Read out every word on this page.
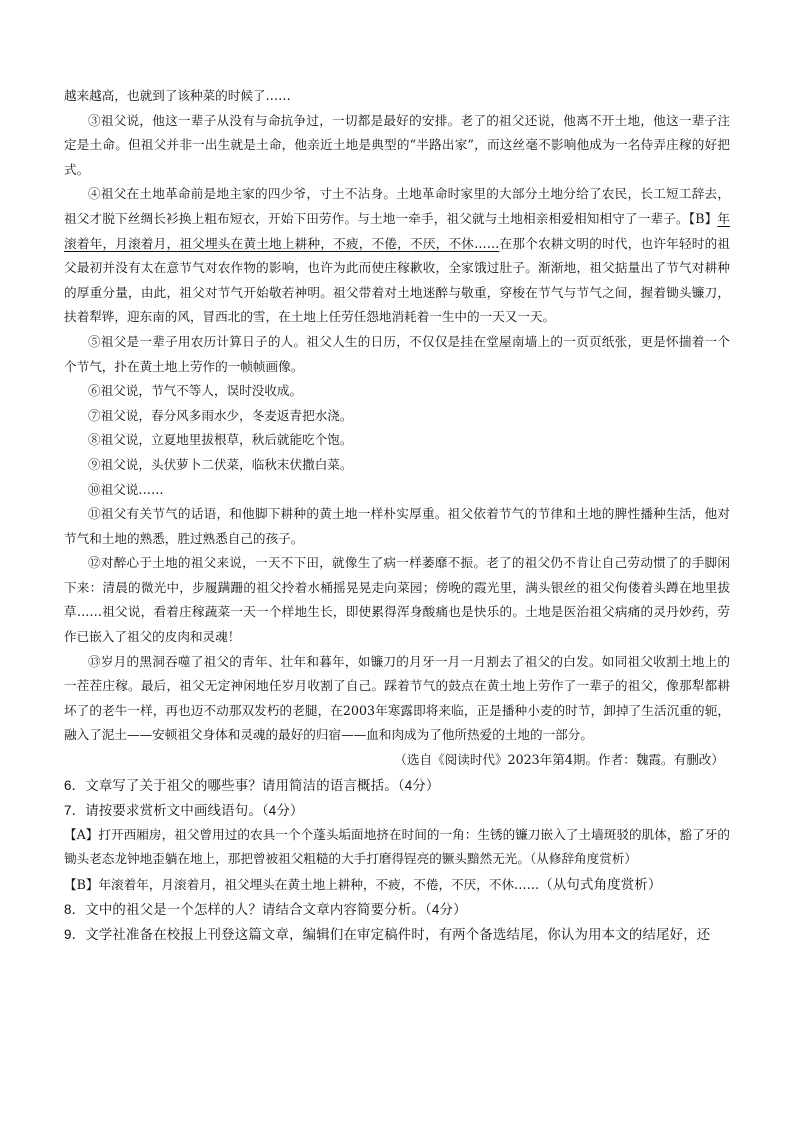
越来越高，也就到了该种菜的时候了……

③祖父说，他这一辈子从没有与命抗争过，一切都是最好的安排。老了的祖父还说，他离不开土地，他这一辈子注定是土命。但祖父并非一出生就是土命，他亲近土地是典型的“半路出家”，而这丝毫不影响他成为一名侍弄庄稼的好把式。

④祖父在土地革命前是地主家的四少爷，寸土不沾身。土地革命时家里的大部分土地分给了农民，长工短工辞去，祖父才脱下丝绸长衫换上粗布短衣，开始下田劳作。与土地一牵手，祖父就与土地相亲相爱相知相守了一辈子。【B】年滚着年，月滚着月，祖父埋头在黄土地上耕种，不疲，不倦，不厌，不休……在那个农耕文明的时代，也许年轻时的祖父最初并没有太在意节气对农作物的影响，也许为此而使庄稼歉收，全家饿过肚子。渐渐地，祖父掂量出了节气对耕种的厚重分量，由此，祖父对节气开始敬若神明。祖父带着对土地迷醉与敬重，穿梭在节气与节气之间，握着锄头镰刀，扶着犁铧，迎东南的风，冒西北的雪，在土地上任劳任怨地消耗着一生中的一天又一天。

⑤祖父是一辈子用农历计算日子的人。祖父人生的日历，不仅仅是挂在堂屋南墙上的一页页纸张，更是怀揣着一个个节气，扑在黄土地上劳作的一帧帧画像。

⑥祖父说，节气不等人，误时没收成。

⑦祖父说，春分风多雨水少，冬麦返青把水浇。

⑧祖父说，立夏地里拔根草，秋后就能吃个饱。

⑨祖父说，头伏萝卜二伏菜，临秋末伏撒白菜。

⑩祖父说……

⑪祖父有关节气的话语，和他脚下耕种的黄土地一样朴实厚重。祖父依着节气的节律和土地的脾性播种生活，他对节气和土地的熟悉，胜过熟悉自己的孩子。

⑫对醉心于土地的祖父来说，一天不下田，就像生了病一样萎靡不振。老了的祖父仍不肯让自己劳动惯了的手脚闲下来：清晨的微光中，步履蹒跚的祖父拎着水桶摇晃晃走向菜园；傍晚的霞光里，满头银丝的祖父佝偻着头蹲在地里拔草……祖父说，看着庄稼蔬菜一天一个样地生长，即使累得浑身酸痛也是快乐的。土地是医治祖父病痛的灵丹妙药，劳作已嵌入了祖父的皮肉和灵魂！

⑬岁月的黑洞吞噬了祖父的青年、壮年和暮年，如镰刀的月牙一月一月割去了祖父的白发。如同祖父收割土地上的一茬茬庄稼。最后，祖父无定神闲地任岁月收割了自己。踩着节气的鼓点在黄土地上劳作了一辈子的祖父，像那犁都耕坏了的老牛一样，再也迈不动那双发朽的老腿，在2003年寒露即将来临，正是播种小麦的时节，卸掉了生活沉重的轭，融入了泥土——安顿祖父身体和灵魂的最好的归宿——血和肉成为了他所热爱的土地的一部分。

（选自《阅读时代》2023年第4期。作者：魏霞。有删改）

6．文章写了关于祖父的哪些事？请用简洁的语言概括。（4分）

7．请按要求赏析文中画线语句。（4分）

【A】打开西厢房，祖父曾用过的农具一个个蓬头垢面地挤在时间的一角：生锈的镰刀嵌入了土墙斑驳的肌体，豁了牙的锄头老态龙钟地歪躺在地上，那把曾被祖父粗糙的大手打磨得锃亮的镢头黯然无光。（从修辞角度赏析）

【B】年滚着年，月滚着月，祖父埋头在黄土地上耕种，不疲，不倦，不厌，不休……（从句式角度赏析）

8．文中的祖父是一个怎样的人？请结合文章内容简要分析。（4分）

9．文学社准备在校报上刊登这篇文章，编辑们在审定稿件时，有两个备选结尾，你认为用本文的结尾好，还
